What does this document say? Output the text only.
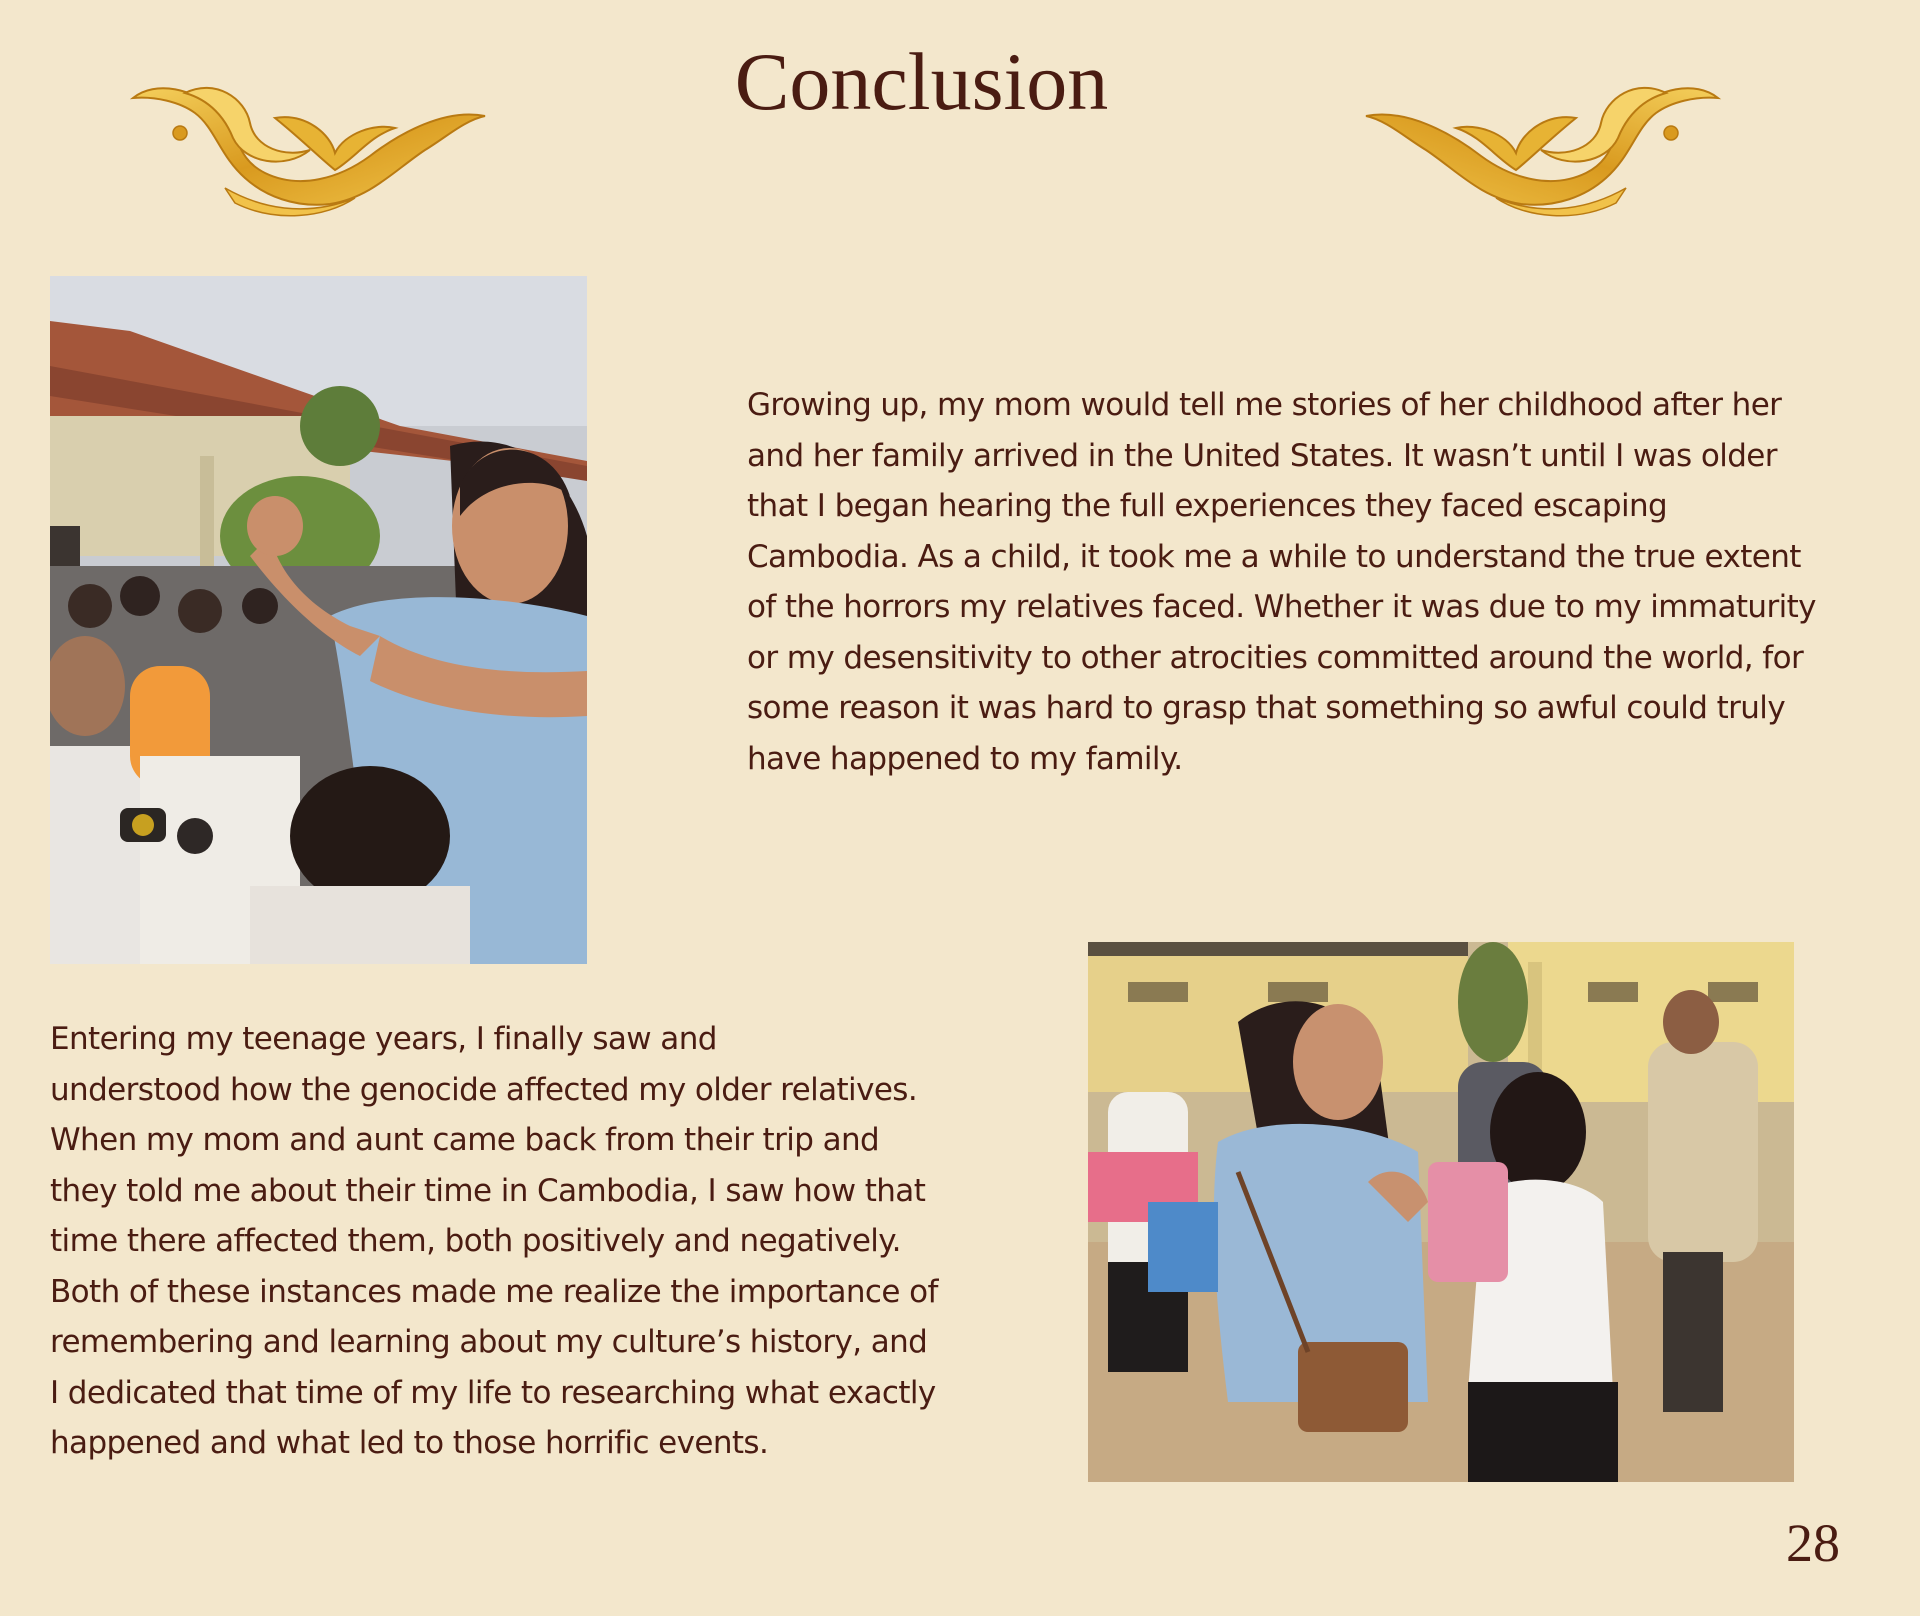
Conclusion

Growing up, my mom would tell me stories of her childhood after her
and her family arrived in the United States. It wasn’t until I was older
that I began hearing the full experiences they faced escaping
Cambodia. As a child, it took me a while to understand the true extent
of the horrors my relatives faced. Whether it was due to my immaturity
or my desensitivity to other atrocities committed around the world, for
some reason it was hard to grasp that something so awful could truly
have happened to my family.

Entering my teenage years, I finally saw and
understood how the genocide affected my older relatives.
When my mom and aunt came back from their trip and
they told me about their time in Cambodia, I saw how that
time there affected them, both positively and negatively.
Both of these instances made me realize the importance of
remembering and learning about my culture’s history, and
I dedicated that time of my life to researching what exactly
happened and what led to those horrific events.

28
